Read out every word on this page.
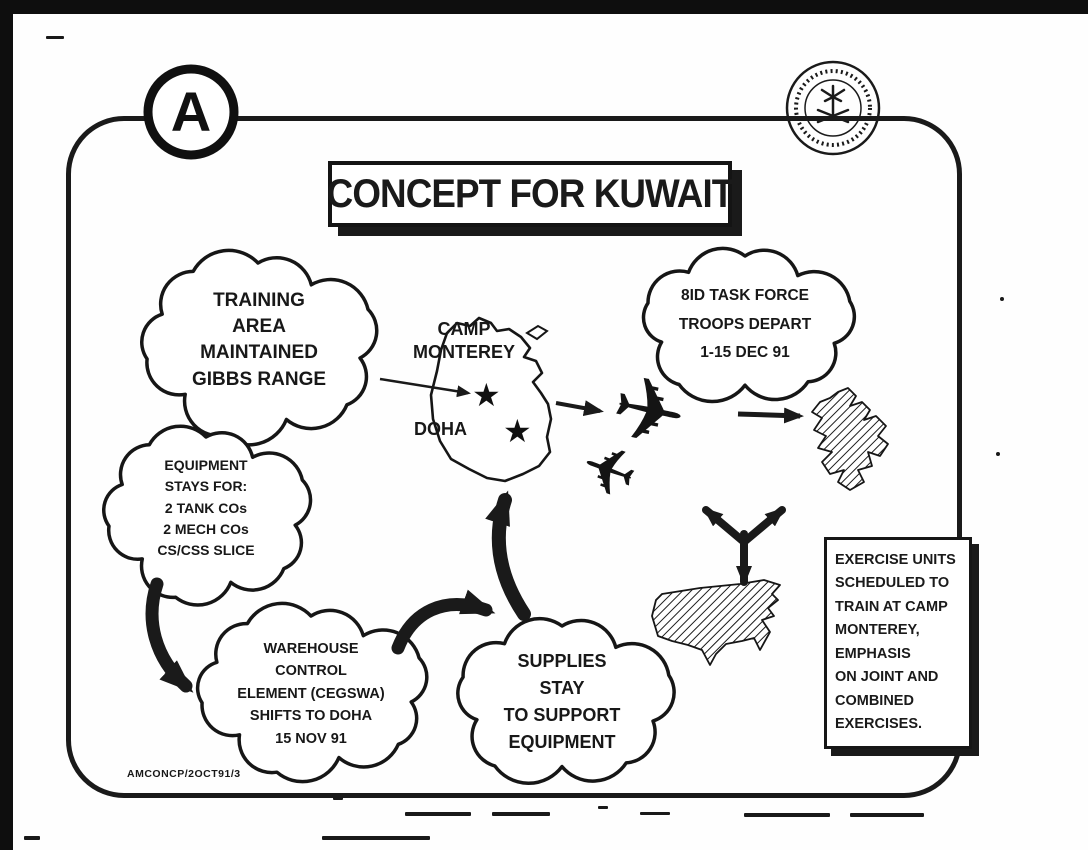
CONCEPT FOR KUWAIT
A
TRAINING
AREA
MAINTAINED
GIBBS RANGE
8ID TASK FORCE
TROOPS DEPART
1-15 DEC 91
EQUIPMENT
STAYS FOR:
2 TANK COs
2 MECH COs
CS/CSS SLICE
WAREHOUSE
CONTROL
ELEMENT (CEGSWA)
SHIFTS TO DOHA
15 NOV 91
SUPPLIES
STAY
TO SUPPORT
EQUIPMENT
CAMP
MONTEREY
DOHA
★
★ ✈
✈
EXERCISE UNITS
SCHEDULED TO
TRAIN AT CAMP
MONTEREY,
EMPHASIS
ON JOINT AND
COMBINED
EXERCISES.
AMCONCP/2OCT91/3
